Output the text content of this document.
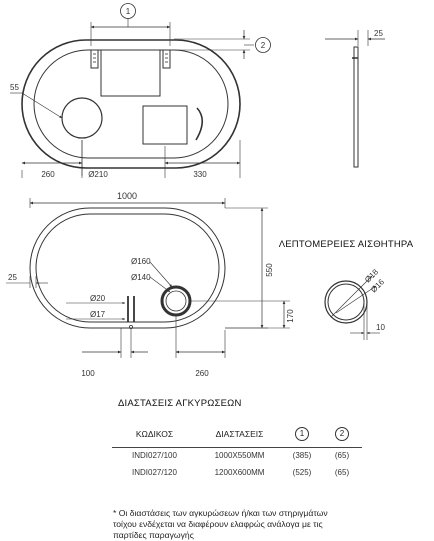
1
2
55
260	Ø210	330
25
1000
550
25
Ø160
Ø140
Ø20
Ø17	170
100	260
ΛΕΠΤΟΜΕΡΕΙΕΣ ΑΙΣΘΗΤΗΡΑ
Ø18
Ø16
10
ΔΙΑΣΤΑΣΕΙΣ ΑΓΚΥΡΩΣΕΩΝ
ΚΩΔΙΚΟΣ	ΔΙΑΣΤΑΣΕΙΣ	1	2
INDI027/100	1000X550MM	(385)	(65)
INDI027/120	1200X600MM	(525)	(65)
* Οι διαστάσεις των αγκυρώσεων ή/και των στηριγμάτων τοίχου ενδέχεται να διαφέρουν ελαφρώς ανάλογα με τις παρτίδες παραγωγής
